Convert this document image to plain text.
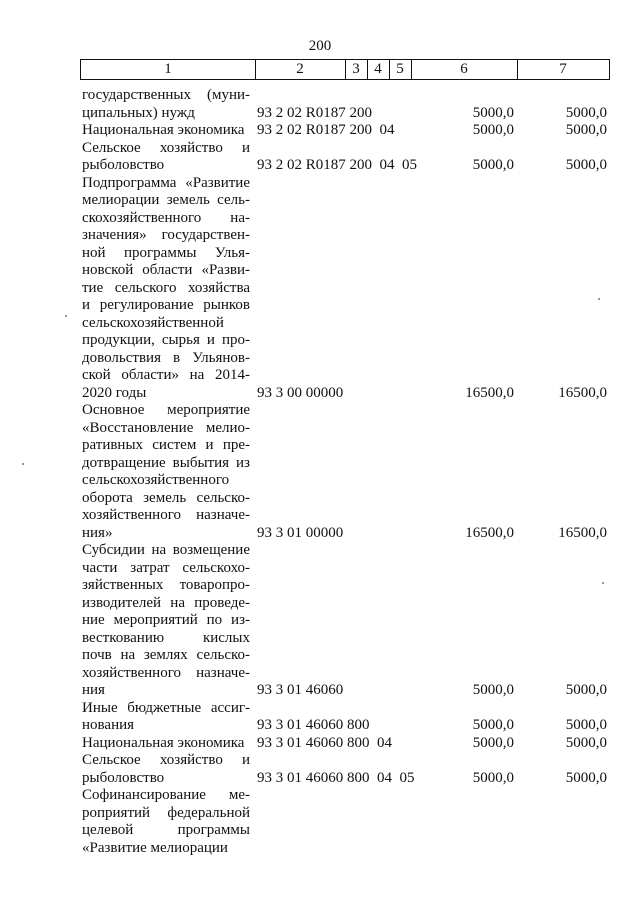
200
1	2	3 4 5	6	7
государственных (муни-
ципальных) нужд	93 2 02 R0187 200	5000,0	5000,0
Национальная экономика 93 2 02 R0187 200  04	5000,0	5000,0
Сельское хозяйство и
рыболовство	93 2 02 R0187 200  04  05	5000,0	5000,0
Подпрограмма «Развитие
мелиорации земель сель-
скохозяйственного на-
значения» государствен-
ной программы Улья-
новской области «Разви-
тие сельского хозяйства
и регулирование рынков
сельскохозяйственной
продукции, сырья и про-
довольствия в Ульянов-
ской области» на 2014-
2020 годы	93 3 00 00000	16500,0	16500,0
Основное мероприятие
«Восстановление мелио-
ративных систем и пре-
дотвращение выбытия из
сельскохозяйственного
оборота земель сельско-
хозяйственного назначе-
ния»	93 3 01 00000	16500,0	16500,0
Субсидии на возмещение
части затрат сельскохо-
зяйственных товаропро-
изводителей на проведе-
ние мероприятий по из-
весткованию кислых
почв на землях сельско-
хозяйственного назначе-
ния	93 3 01 46060	5000,0	5000,0
Иные бюджетные ассиг-
нования	93 3 01 46060 800	5000,0	5000,0
Национальная экономика 93 3 01 46060 800  04	5000,0	5000,0
Сельское хозяйство и
рыболовство	93 3 01 46060 800  04  05	5000,0	5000,0
Софинансирование ме-
роприятий федеральной
целевой программы
«Развитие мелиорации
